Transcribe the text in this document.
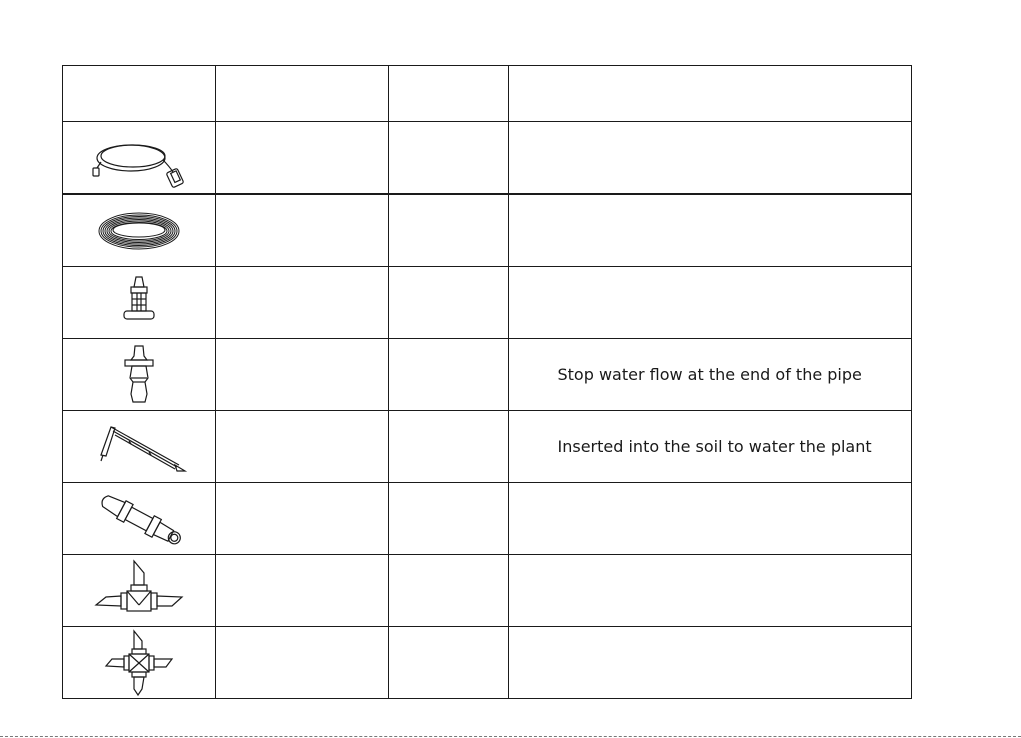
			Stop water flow at the end of the pipe
			Inserted into the soil to water the plant
